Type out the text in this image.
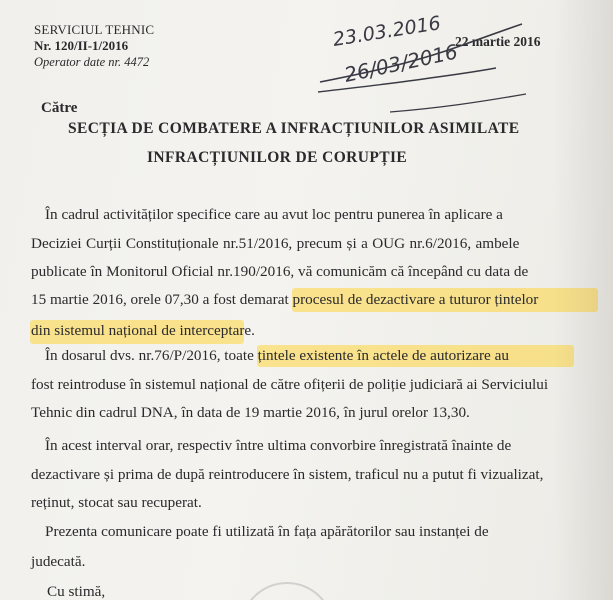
SERVICIUL TEHNIC
Nr. 120/II-1/2016
Operator date nr. 4472
22 martie 2016
23.03.2016
26/03/2016
Către
SECȚIA DE COMBATERE A INFRACȚIUNILOR ASIMILATE
INFRACȚIUNILOR DE CORUPȚIE
În cadrul activităților specifice care au avut loc pentru punerea în aplicare a
Deciziei Curții Constituționale nr.51/2016, precum și a OUG nr.6/2016, ambele
publicate în Monitorul Oficial nr.190/2016, vă comunicăm că începând cu data de
15 martie 2016, orele 07,30 a fost demarat procesul de dezactivare a tuturor țintelor
din sistemul național de interceptare.
În dosarul dvs. nr.76/P/2016, toate țintele existente în actele de autorizare au
fost reintroduse în sistemul național de către ofițerii de poliție judiciară ai Serviciului
Tehnic din cadrul DNA, în data de 19 martie 2016, în jurul orelor 13,30.
În acest interval orar, respectiv între ultima convorbire înregistrată înainte de
dezactivare și prima de după reintroducere în sistem, traficul nu a putut fi vizualizat,
reținut, stocat sau recuperat.
Prezenta comunicare poate fi utilizată în fața apărătorilor sau instanței de
judecată.
Cu stimă,
